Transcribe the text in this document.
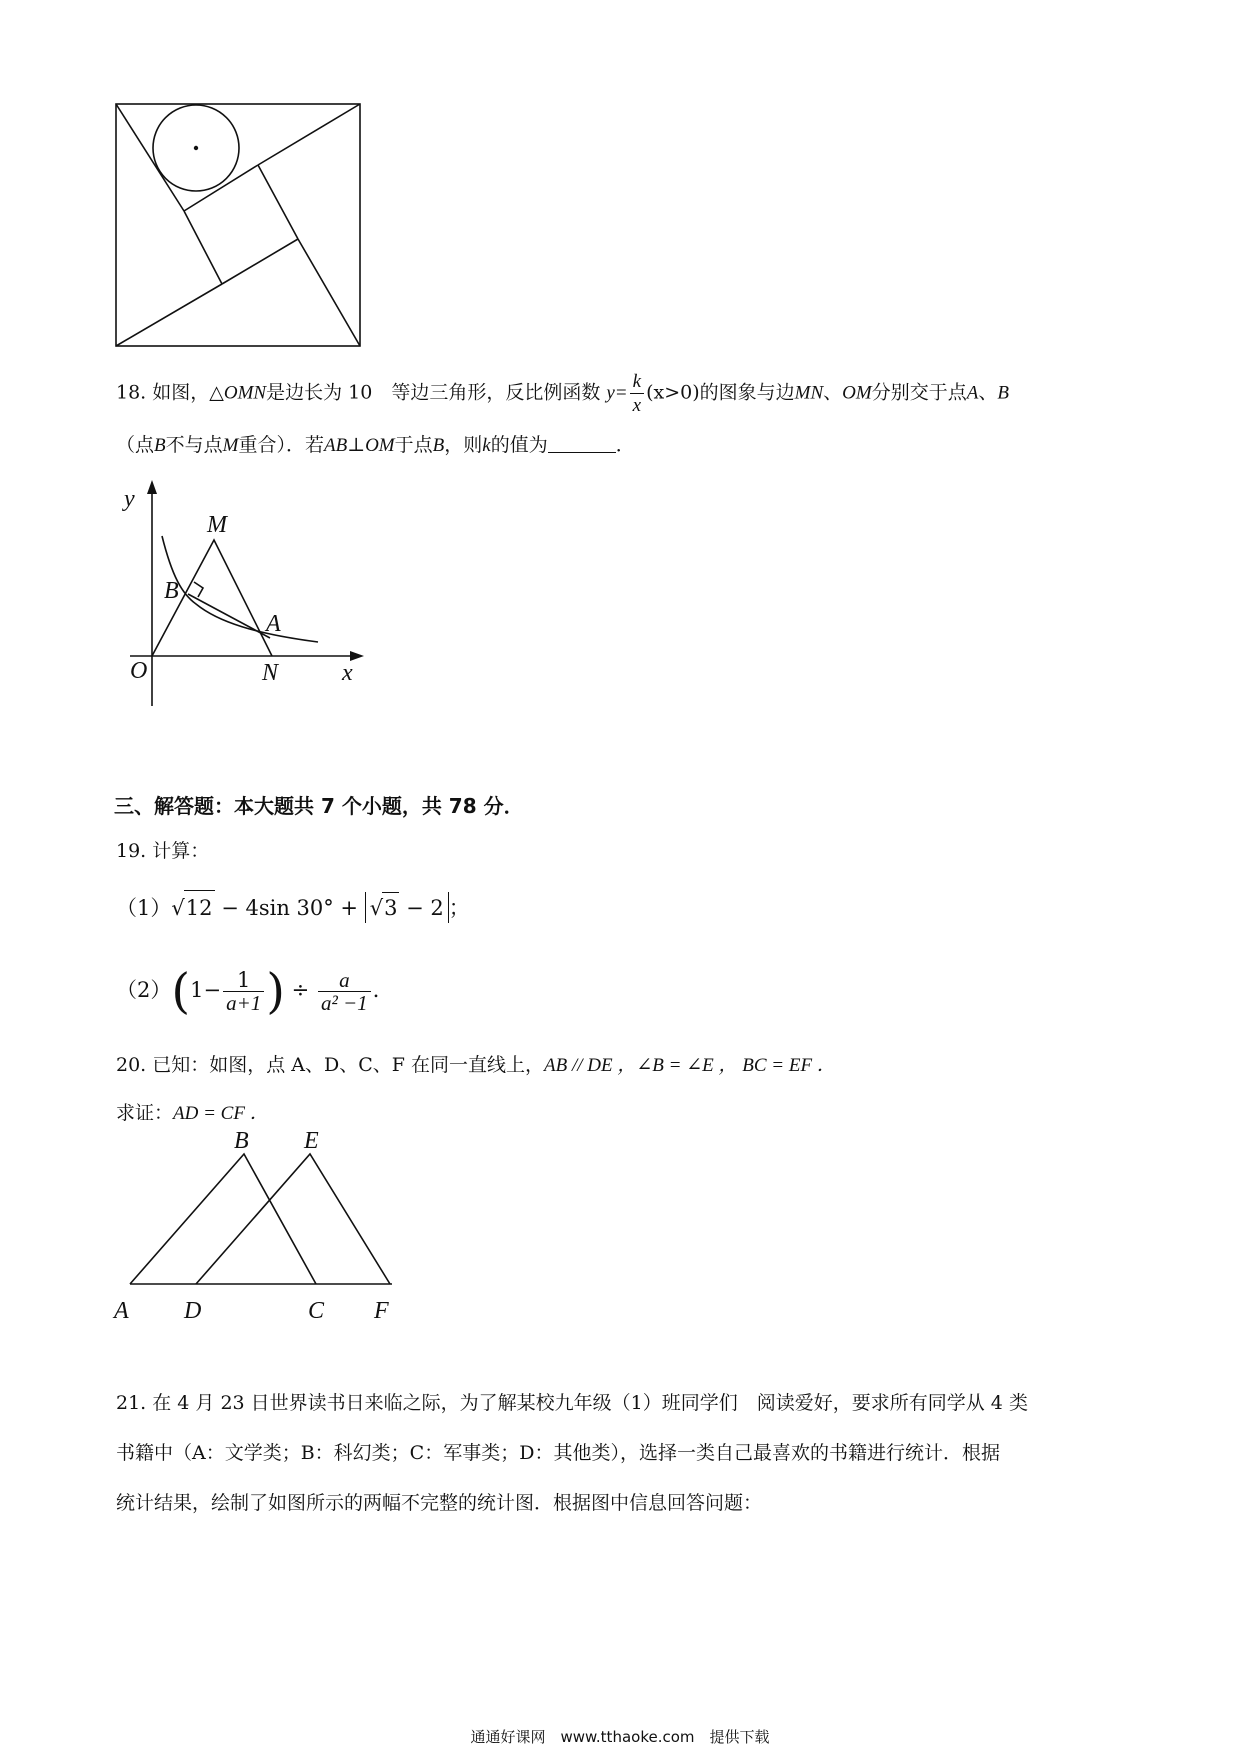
18. 如图，△OMN是边长为 10　等边三角形，反比例函数 $y= \frac{k}{x} (x>0)$的图象与边MN、OM分别交于点A、B
（点B不与点M重合）．若AB⊥OM于点B，则k的值为	．
y
M
B
A
O	N	x
三、解答题：本大题共 7 个小题，共 78 分．
19. 计算：
（1）√12 − 4sin 30° + √3 − 2 ；
$(2)(1- \frac{1}{a+1}$ ) ÷ $\frac{a}{\text{a² −1}}$ ．
20. 已知：如图，点 A、D、C、F 在同一直线上，AB // DE ，∠B = ∠E ， BC = EF ．
求证：AD = CF ．
B E
A D	C F
21. 在 4 月 23 日世界读书日来临之际，为了解某校九年级（1）班同学们　阅读爱好，要求所有同学从 4 类
书籍中（A：文学类；B：科幻类；C：军事类；D：其他类），选择一类自己最喜欢的书籍进行统计．根据
统计结果，绘制了如图所示的两幅不完整的统计图．根据图中信息回答问题：
通通好课网　www.tthaoke.com　提供下载
